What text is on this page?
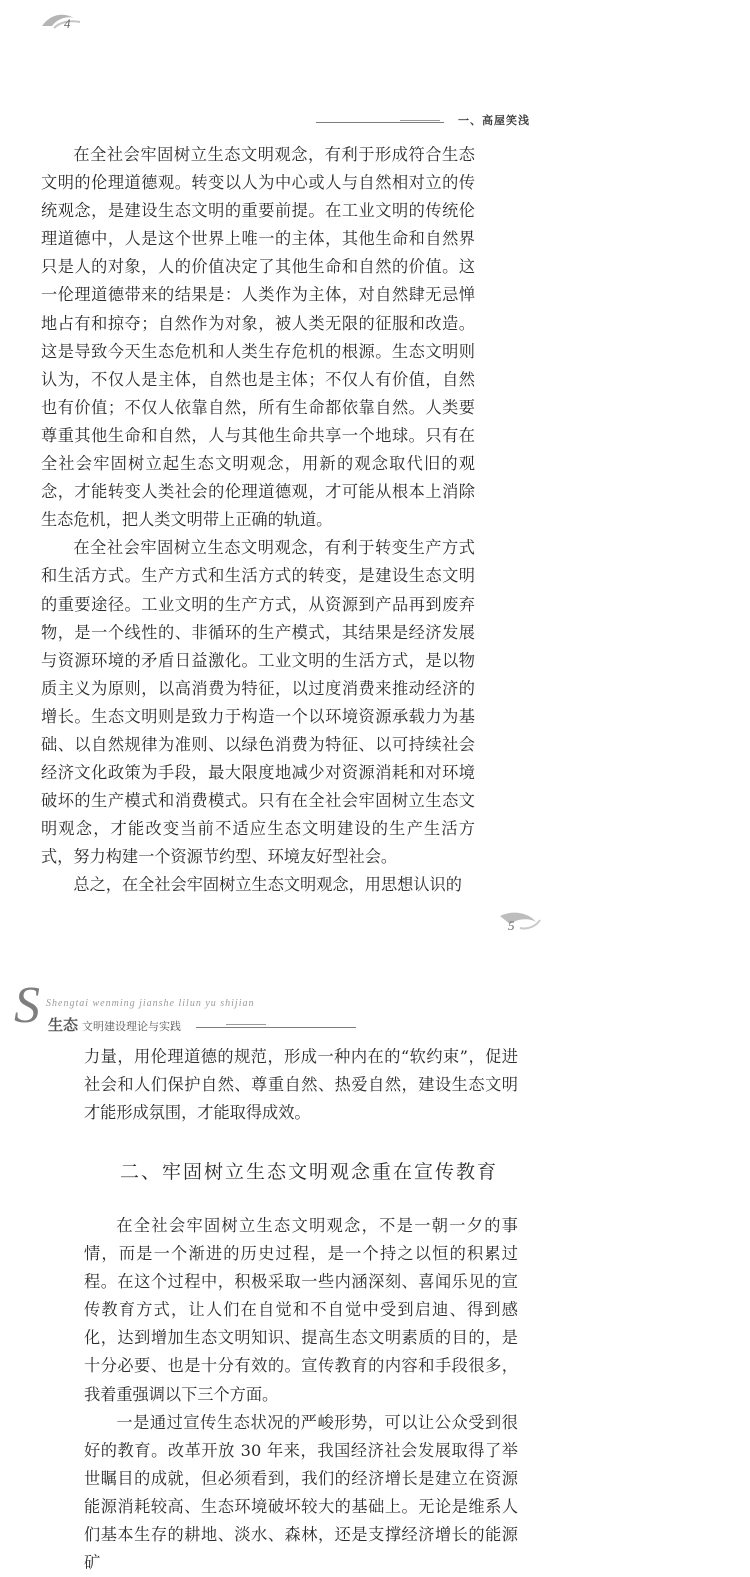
4
一、高屋笑浅

在全社会牢固树立生态文明观念，有利于形成符合生态文明的伦理道德观。转变以人为中心或人与自然相对立的传统观念，是建设生态文明的重要前提。在工业文明的传统伦理道德中，人是这个世界上唯一的主体，其他生命和自然界只是人的对象，人的价值决定了其他生命和自然的价值。这一伦理道德带来的结果是：人类作为主体，对自然肆无忌惮地占有和掠夺；自然作为对象，被人类无限的征服和改造。这是导致今天生态危机和人类生存危机的根源。生态文明则认为，不仅人是主体，自然也是主体；不仅人有价值，自然也有价值；不仅人依靠自然，所有生命都依靠自然。人类要尊重其他生命和自然，人与其他生命共享一个地球。只有在全社会牢固树立起生态文明观念，用新的观念取代旧的观念，才能转变人类社会的伦理道德观，才可能从根本上消除生态危机，把人类文明带上正确的轨道。

在全社会牢固树立生态文明观念，有利于转变生产方式和生活方式。生产方式和生活方式的转变，是建设生态文明的重要途径。工业文明的生产方式，从资源到产品再到废弃物，是一个线性的、非循环的生产模式，其结果是经济发展与资源环境的矛盾日益激化。工业文明的生活方式，是以物质主义为原则，以高消费为特征，以过度消费来推动经济的增长。生态文明则是致力于构造一个以环境资源承载力为基础、以自然规律为准则、以绿色消费为特征、以可持续社会经济文化政策为手段，最大限度地减少对资源消耗和对环境破坏的生产模式和消费模式。只有在全社会牢固树立生态文明观念，才能改变当前不适应生态文明建设的生产生活方式，努力构建一个资源节约型、环境友好型社会。

总之，在全社会牢固树立生态文明观念，用思想认识的

5
S Shengtai wenming jianshe lilun yu shijian
生态 文明建设理论与实践

力量，用伦理道德的规范，形成一种内在的“软约束”，促进社会和人们保护自然、尊重自然、热爱自然，建设生态文明才能形成氛围，才能取得成效。

二、牢固树立生态文明观念重在宣传教育

在全社会牢固树立生态文明观念，不是一朝一夕的事情，而是一个渐进的历史过程，是一个持之以恒的积累过程。在这个过程中，积极采取一些内涵深刻、喜闻乐见的宣传教育方式，让人们在自觉和不自觉中受到启迪、得到感化，达到增加生态文明知识、提高生态文明素质的目的，是十分必要、也是十分有效的。宣传教育的内容和手段很多，我着重强调以下三个方面。

一是通过宣传生态状况的严峻形势，可以让公众受到很好的教育。改革开放 30 年来，我国经济社会发展取得了举世瞩目的成就，但必须看到，我们的经济增长是建立在资源能源消耗较高、生态环境破坏较大的基础上。无论是维系人们基本生存的耕地、淡水、森林，还是支撑经济增长的能源矿
